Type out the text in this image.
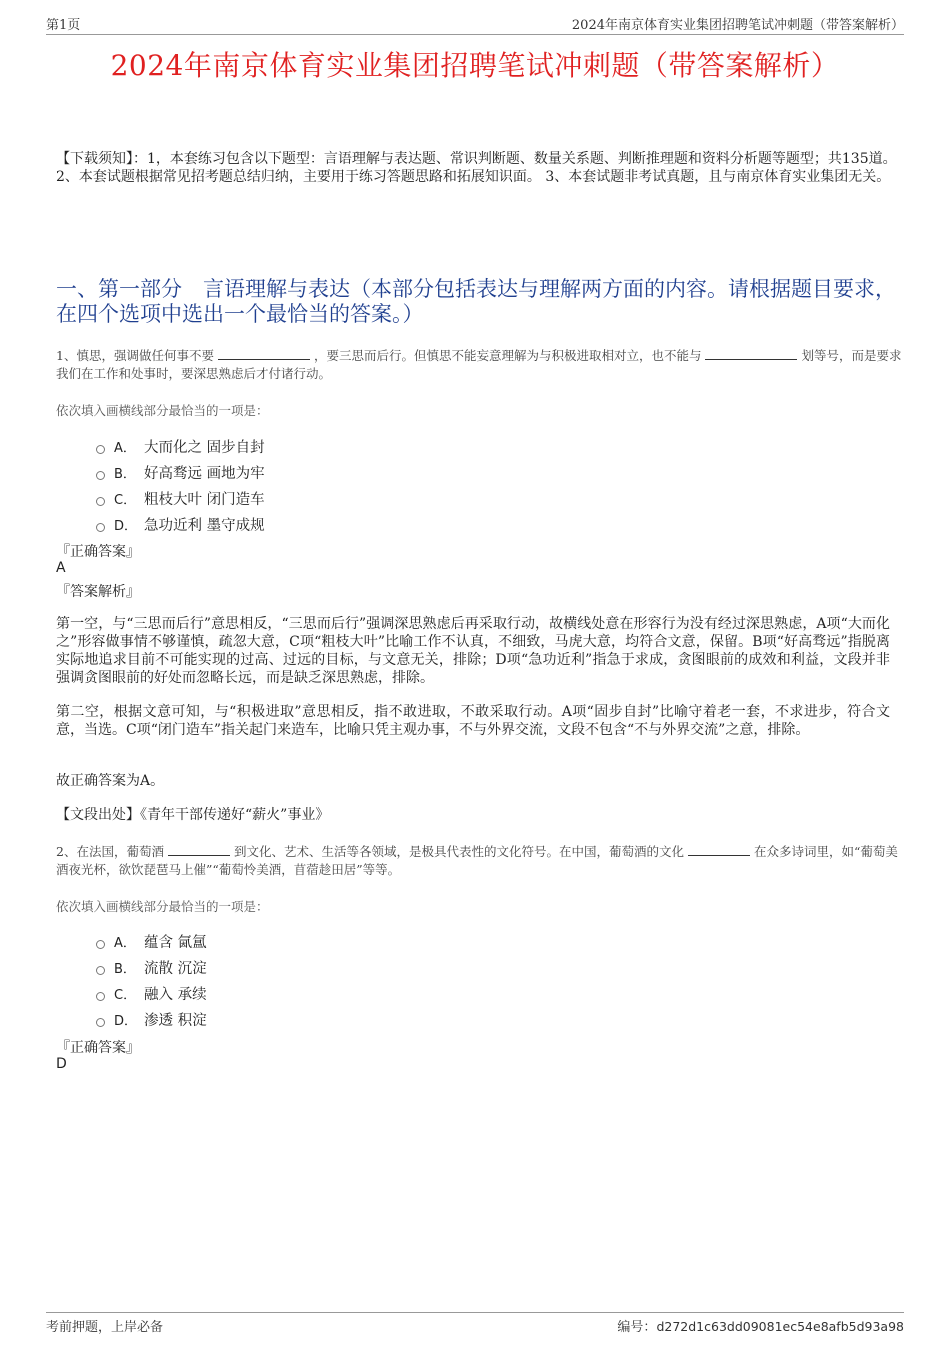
第1页	2024年南京体育实业集团招聘笔试冲刺题（带答案解析）
2024年南京体育实业集团招聘笔试冲刺题（带答案解析）
【下载须知】：1，本套练习包含以下题型：言语理解与表达题、常识判断题、数量关系题、判断推理题和资料分析题等题型；共135道。 2、本套试题根据常见招考题总结归纳，主要用于练习答题思路和拓展知识面。 3、本套试题非考试真题，且与南京体育实业集团无关。
一、第一部分　言语理解与表达（本部分包括表达与理解两方面的内容。请根据题目要求，在四个选项中选出一个最恰当的答案。）
1、慎思，强调做任何事不要	，要三思而后行。但慎思不能妄意理解为与积极进取相对立，也不能与	划等号，而是要求我们在工作和处事时，要深思熟虑后才付诸行动。
依次填入画横线部分最恰当的一项是：
A． 大而化之 固步自封
B． 好高骛远 画地为牢
C． 粗枝大叶 闭门造车
D． 急功近利 墨守成规
『正确答案』
A
『答案解析』
第一空，与“三思而后行”意思相反，“三思而后行”强调深思熟虑后再采取行动，故横线处意在形容行为没有经过深思熟虑，A项“大而化之”形容做事情不够谨慎，疏忽大意，C项“粗枝大叶”比喻工作不认真，不细致，马虎大意，均符合文意，保留。B项“好高骛远”指脱离实际地追求目前不可能实现的过高、过远的目标，与文意无关，排除；D项“急功近利”指急于求成，贪图眼前的成效和利益，文段并非强调贪图眼前的好处而忽略长远，而是缺乏深思熟虑，排除。
第二空，根据文意可知，与“积极进取”意思相反，指不敢进取，不敢采取行动。A项“固步自封”比喻守着老一套，不求进步，符合文意，当选。C项“闭门造车”指关起门来造车，比喻只凭主观办事，不与外界交流，文段不包含“不与外界交流”之意，排除。
故正确答案为A。
【文段出处】《青年干部传递好“薪火”事业》
2、在法国，葡萄酒	到文化、艺术、生活等各领域，是极具代表性的文化符号。在中国，葡萄酒的文化	在众多诗词里，如“葡萄美酒夜光杯，欲饮琵琶马上催”“葡萄怜美酒，苜蓿趁田居”等等。
依次填入画横线部分最恰当的一项是：
A． 蕴含 氤氲
B． 流散 沉淀
C． 融入 承续
D． 渗透 积淀
『正确答案』
D
考前押题，上岸必备	编号：d272d1c63dd09081ec54e8afb5d93a98
